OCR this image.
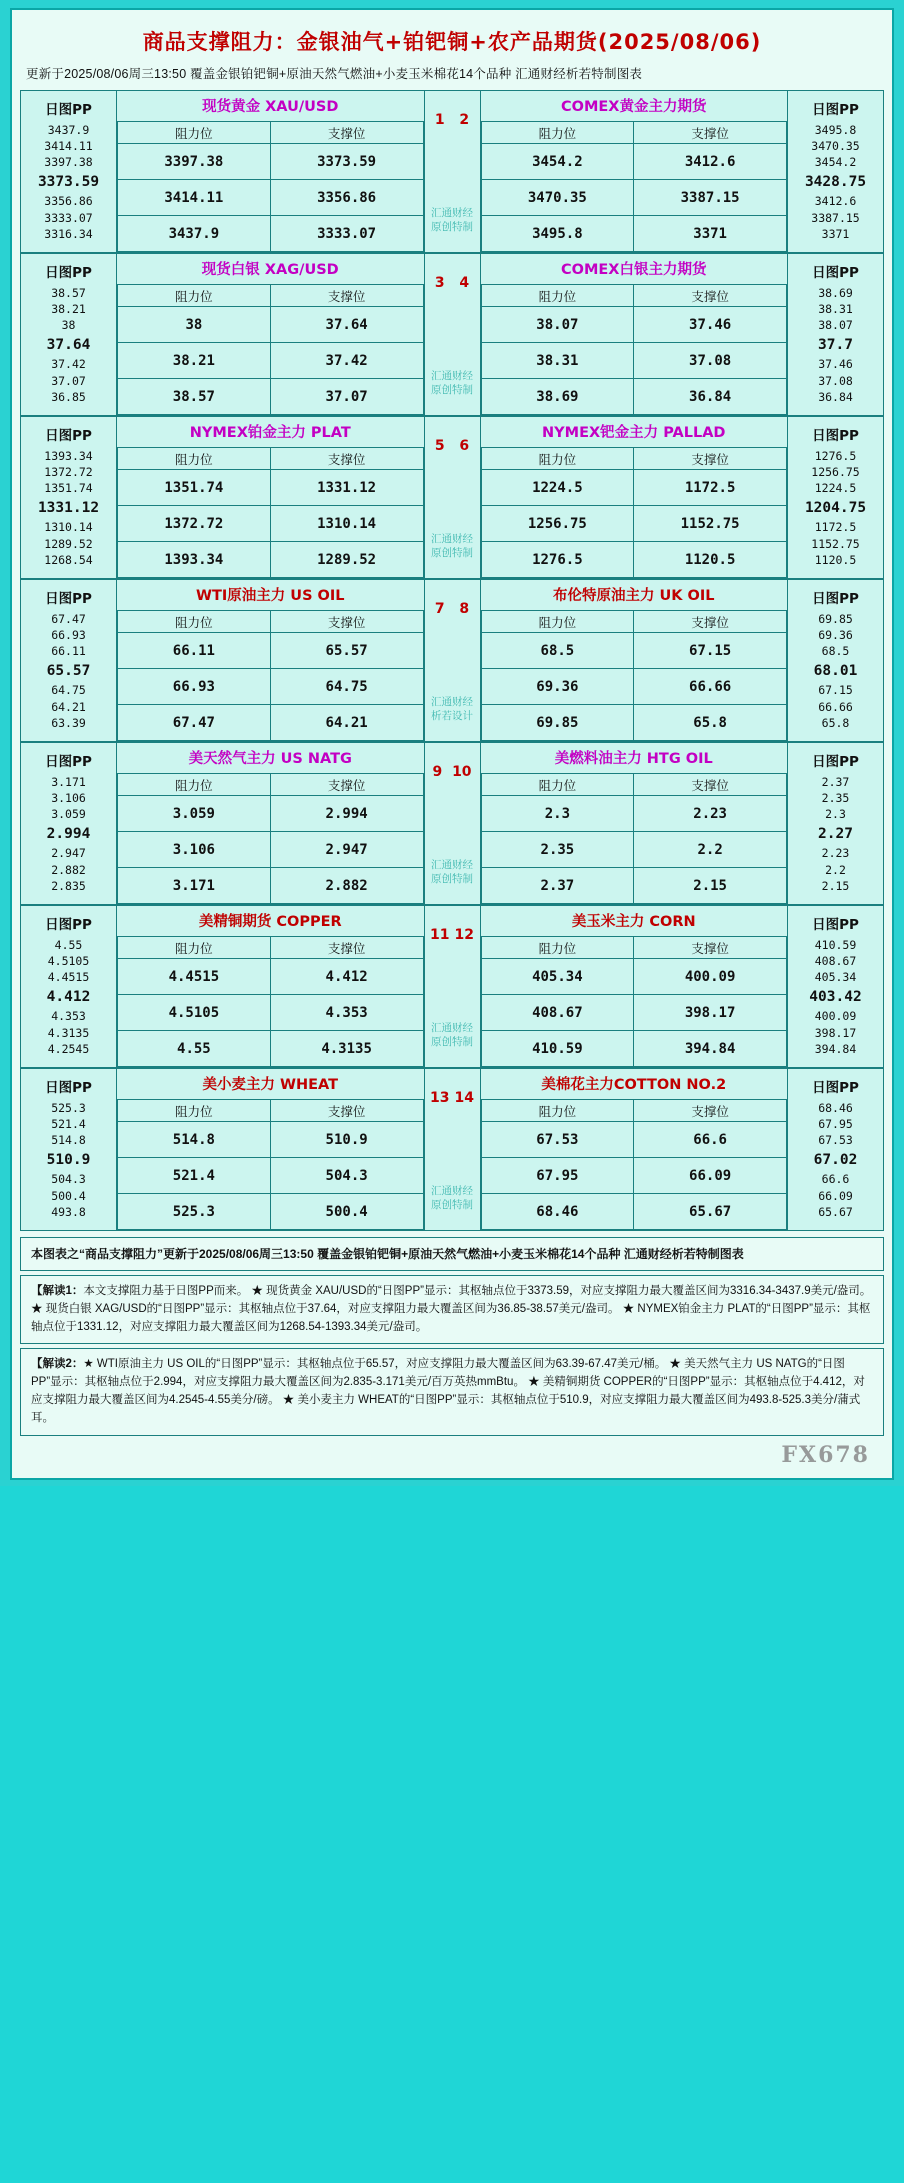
商品支撑阻力：金银油气+铂钯铜+农产品期货(2025/08/06)
更新于2025/08/06周三13:50 覆盖金银铂钯铜+原油天然气燃油+小麦玉米棉花14个品种 汇通财经析若特制图表
日图PP
3437.9
3414.11
3397.38
3373.59
3356.86
3333.07
3316.34

现货黄金 XAU/USD
阻力位	支撑位
3397.38	3373.59
3414.11	3356.86
3437.9	3333.07

1 2
汇通财经
原创特制

COMEX黄金主力期货
阻力位	支撑位
3454.2	3412.6
3470.35	3387.15
3495.8	3371

日图PP
3495.8
3470.35
3454.2
3428.75
3412.6
3387.15
3371
日图PP
38.57
38.21
38
37.64
37.42
37.07
36.85

现货白银 XAG/USD
阻力位	支撑位
38	37.64
38.21	37.42
38.57	37.07

3 4
汇通财经
原创特制

COMEX白银主力期货
阻力位	支撑位
38.07	37.46
38.31	37.08
38.69	36.84

日图PP
38.69
38.31
38.07
37.7
37.46
37.08
36.84
日图PP
1393.34
1372.72
1351.74
1331.12
1310.14
1289.52
1268.54

NYMEX铂金主力 PLAT
阻力位	支撑位
1351.74	1331.12
1372.72	1310.14
1393.34	1289.52

5 6
汇通财经
原创特制

NYMEX钯金主力 PALLAD
阻力位	支撑位
1224.5	1172.5
1256.75	1152.75
1276.5	1120.5

日图PP
1276.5
1256.75
1224.5
1204.75
1172.5
1152.75
1120.5
日图PP
67.47
66.93
66.11
65.57
64.75
64.21
63.39

WTI原油主力 US OIL
阻力位	支撑位
66.11	65.57
66.93	64.75
67.47	64.21

7 8
汇通财经
析若设计

布伦特原油主力 UK OIL
阻力位	支撑位
68.5	67.15
69.36	66.66
69.85	65.8

日图PP
69.85
69.36
68.5
68.01
67.15
66.66
65.8
日图PP
3.171
3.106
3.059
2.994
2.947
2.882
2.835

美天然气主力 US NATG
阻力位	支撑位
3.059	2.994
3.106	2.947
3.171	2.882

9 10
汇通财经
原创特制

美燃料油主力 HTG OIL
阻力位	支撑位
2.3	2.23
2.35	2.2
2.37	2.15

日图PP
2.37
2.35
2.3
2.27
2.23
2.2
2.15
日图PP
4.55
4.5105
4.4515
4.412
4.353
4.3135
4.2545

美精铜期货 COPPER
阻力位	支撑位
4.4515	4.412
4.5105	4.353
4.55	4.3135

11 12
汇通财经
原创特制

美玉米主力 CORN
阻力位	支撑位
405.34	400.09
408.67	398.17
410.59	394.84

日图PP
410.59
408.67
405.34
403.42
400.09
398.17
394.84
日图PP
525.3
521.4
514.8
510.9
504.3
500.4
493.8

美小麦主力 WHEAT
阻力位	支撑位
514.8	510.9
521.4	504.3
525.3	500.4

13 14
汇通财经
原创特制

美棉花主力COTTON NO.2
阻力位	支撑位
67.53	66.6
67.95	66.09
68.46	65.67

日图PP
68.46
67.95
67.53
67.02
66.6
66.09
65.67
本图表之“商品支撑阻力”更新于2025/08/06周三13:50 覆盖金银铂钯铜+原油天然气燃油+小麦玉米棉花14个品种 汇通财经析若特制图表
【解读1：本文支撑阻力基于日图PP而来。 ★ 现货黄金 XAU/USD的“日图PP”显示：其枢轴点位于3373.59，对应支撑阻力最大覆盖区间为3316.34-3437.9美元/盎司。 ★ 现货白银 XAG/USD的“日图PP”显示：其枢轴点位于37.64，对应支撑阻力最大覆盖区间为36.85-38.57美元/盎司。 ★ NYMEX铂金主力 PLAT的“日图PP”显示：其枢轴点位于1331.12，对应支撑阻力最大覆盖区间为1268.54-1393.34美元/盎司。
【解读2：★ WTI原油主力 US OIL的“日图PP”显示：其枢轴点位于65.57，对应支撑阻力最大覆盖区间为63.39-67.47美元/桶。 ★ 美天然气主力 US NATG的“日图PP”显示：其枢轴点位于2.994，对应支撑阻力最大覆盖区间为2.835-3.171美元/百万英热mmBtu。 ★ 美精铜期货 COPPER的“日图PP”显示：其枢轴点位于4.412，对应支撑阻力最大覆盖区间为4.2545-4.55美分/磅。 ★ 美小麦主力 WHEAT的“日图PP”显示：其枢轴点位于510.9，对应支撑阻力最大覆盖区间为493.8-525.3美分/蒲式耳。
FX678
